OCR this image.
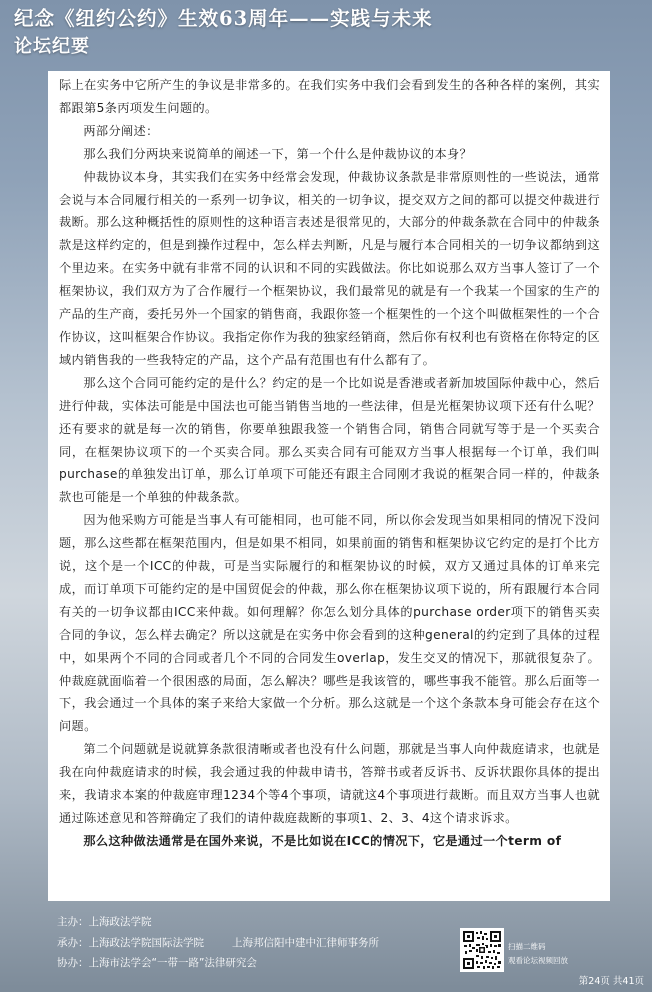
纪念《纽约公约》生效63周年——实践与未来
论坛纪要

际上在实务中它所产生的争议是非常多的。在我们实务中我们会看到发生的各种各样的案例，其实都跟第5条丙项发生问题的。

两部分阐述：

那么我们分两块来说简单的阐述一下，第一个什么是仲裁协议的本身？

仲裁协议本身，其实我们在实务中经常会发现，仲裁协议条款是非常原则性的一些说法，通常会说与本合同履行相关的一系列一切争议，相关的一切争议，提交双方之间的都可以提交仲裁进行裁断。那么这种概括性的原则性的这种语言表述是很常见的，大部分的仲裁条款在合同中的仲裁条款是这样约定的，但是到操作过程中，怎么样去判断，凡是与履行本合同相关的一切争议都纳到这个里边来。在实务中就有非常不同的认识和不同的实践做法。你比如说那么双方当事人签订了一个框架协议，我们双方为了合作履行一个框架协议，我们最常见的就是有一个我某一个国家的生产的产品的生产商，委托另外一个国家的销售商，我跟你签一个框架性的一个这个叫做框架性的一个合作协议，这叫框架合作协议。我指定你作为我的独家经销商，然后你有权利也有资格在你特定的区域内销售我的一些我特定的产品，这个产品有范围也有什么都有了。

那么这个合同可能约定的是什么？约定的是一个比如说是香港或者新加坡国际仲裁中心，然后进行仲裁，实体法可能是中国法也可能当销售当地的一些法律，但是光框架协议项下还有什么呢？还有要求的就是每一次的销售，你要单独跟我签一个销售合同，销售合同就写等于是一个买卖合同，在框架协议项下的一个买卖合同。那么买卖合同有可能双方当事人根据每一个订单，我们叫purchase的单独发出订单，那么订单项下可能还有跟主合同刚才我说的框架合同一样的，仲裁条款也可能是一个单独的仲裁条款。

因为他采购方可能是当事人有可能相同，也可能不同，所以你会发现当如果相同的情况下没问题，那么这些都在框架范围内，但是如果不相同，如果前面的销售和框架协议它约定的是打个比方说，这个是一个ICC的仲裁，可是当实际履行的和框架协议的时候，双方又通过具体的订单来完成，而订单项下可能约定的是中国贸促会的仲裁，那么你在框架协议项下说的，所有跟履行本合同有关的一切争议都由ICC来仲裁。如何理解？你怎么划分具体的purchase order项下的销售买卖合同的争议，怎么样去确定？所以这就是在实务中你会看到的这种general的约定到了具体的过程中，如果两个不同的合同或者几个不同的合同发生overlap，发生交叉的情况下，那就很复杂了。仲裁庭就面临着一个很困惑的局面，怎么解决？哪些是我该管的，哪些事我不能管。那么后面等一下，我会通过一个具体的案子来给大家做一个分析。那么这就是一个这个条款本身可能会存在这个问题。

第二个问题就是说就算条款很清晰或者也没有什么问题，那就是当事人向仲裁庭请求，也就是我在向仲裁庭请求的时候，我会通过我的仲裁申请书，答辩书或者反诉书、反诉状跟你具体的提出来，我请求本案的仲裁庭审理1234个等4个事项，请就这4个事项进行裁断。而且双方当事人也就通过陈述意见和答辩确定了我们的请仲裁庭裁断的事项1、2、3、4这个请求诉求。

那么这种做法通常是在国外来说，不是比如说在ICC的情况下，它是通过一个term of

主办：上海政法学院
承办：上海政法学院国际法学院	上海邦信阳中建中汇律师事务所
协办：上海市法学会“一带一路”法律研究会
扫描二维码
观看论坛视频回放
第24页 共41页
